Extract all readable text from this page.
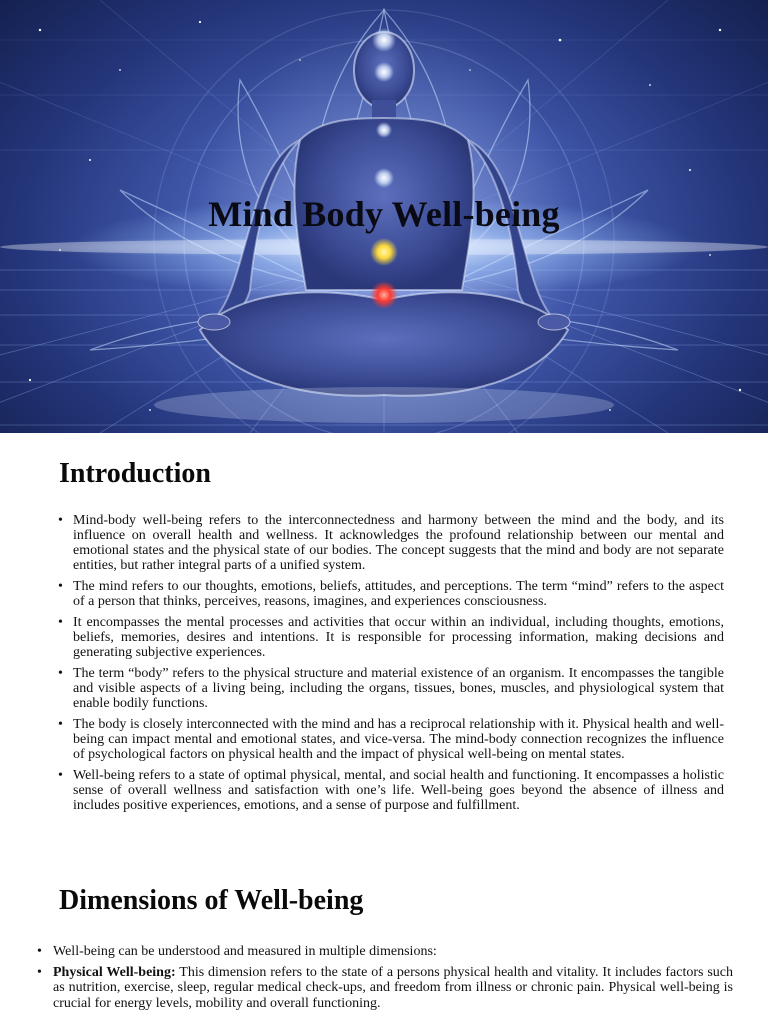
Mind Body Well-being
Introduction
• Mind-body well-being refers to the interconnectedness and harmony between the mind and the body, and its influence on overall health and wellness. It acknowledges the profound relationship between our mental and emotional states and the physical state of our bodies. The concept suggests that the mind and body are not separate entities, but rather integral parts of a unified system.
• The mind refers to our thoughts, emotions, beliefs, attitudes, and perceptions. The term “mind” refers to the aspect of a person that thinks, perceives, reasons, imagines, and experiences consciousness.
• It encompasses the mental processes and activities that occur within an individual, including thoughts, emotions, beliefs, memories, desires and intentions. It is responsible for processing information, making decisions and generating subjective experiences.
• The term “body” refers to the physical structure and material existence of an organism. It encompasses the tangible and visible aspects of a living being, including the organs, tissues, bones, muscles, and physiological system that enable bodily functions.
• The body is closely interconnected with the mind and has a reciprocal relationship with it. Physical health and well-being can impact mental and emotional states, and vice-versa. The mind-body connection recognizes the influence of psychological factors on physical health and the impact of physical well-being on mental states.
• Well-being refers to a state of optimal physical, mental, and social health and functioning. It encompasses a holistic sense of overall wellness and satisfaction with one’s life. Well-being goes beyond the absence of illness and includes positive experiences, emotions, and a sense of purpose and fulfillment.
Dimensions of Well-being
• Well-being can be understood and measured in multiple dimensions:
• Physical Well-being: This dimension refers to the state of a persons physical health and vitality. It includes factors such as nutrition, exercise, sleep, regular medical check-ups, and freedom from illness or chronic pain. Physical well-being is crucial for energy levels, mobility and overall functioning.
